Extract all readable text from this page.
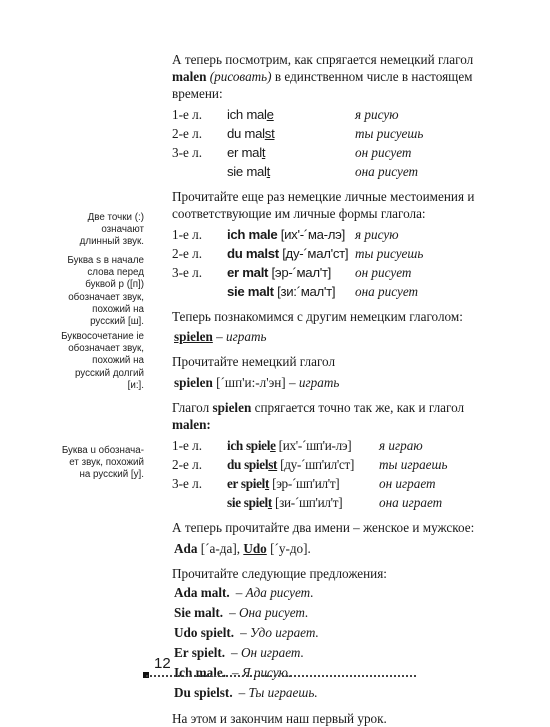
Две точки (:)
означают
длинный звук.
Буква s в начале
слова перед
буквой p ([п])
обозначает звук,
похожий на
русский [ш].
Буквосочетание ie
обозначает звук,
похожий на
русский долгий
[и:].
Буква u обознача-
ет звук, похожий
на русский [у].

А теперь посмотрим, как спрягается немецкий глагол malen (рисовать) в единственном числе в настоящем времени:

1-е л.	ich male	я рисую
2-е л.	du malst	ты рисуешь
3-е л.	er malt	он рисует
sie malt	она рисует

Прочитайте еще раз немецкие личные местоимения и соответствующие им личные формы глагола:

1-е л.	ich male [их'-´ма-лэ] я рисую
2-е л.	du malst [ду-´мал'ст] ты рисуешь
3-е л.	er malt [эр-´мал'т]	он рисует
sie malt [зи:´мал'т]	она рисует

Теперь познакомимся с другим немецким глаголом:

spielen – играть

Прочитайте немецкий глагол

spielen [´шп'и:-л'эн] – играть

Глагол spielen спрягается точно так же, как и глагол malen:

1-е л.	ich spiele [их'-´шп'и-лэ]	я играю
2-е л.	du spielst [ду-´шп'ил'ст]	ты играешь
3-е л.	er spielt [эр-´шп'ил'т]	он играет
sie spielt [зи-´шп'ил'т]	она играет

А теперь прочитайте два имени – женское и мужское:

Ada [´а-да], Udo [´у-до].

Прочитайте следующие предложения:

Ada malt. – Ада рисует.
Sie malt. – Она рисует.
Udo spielt. – Удо играет.
Er spielt. – Он играет.
Ich male. – Я рисую.
Du spielst. – Ты играешь.

На этом и закончим наш первый урок.

12
